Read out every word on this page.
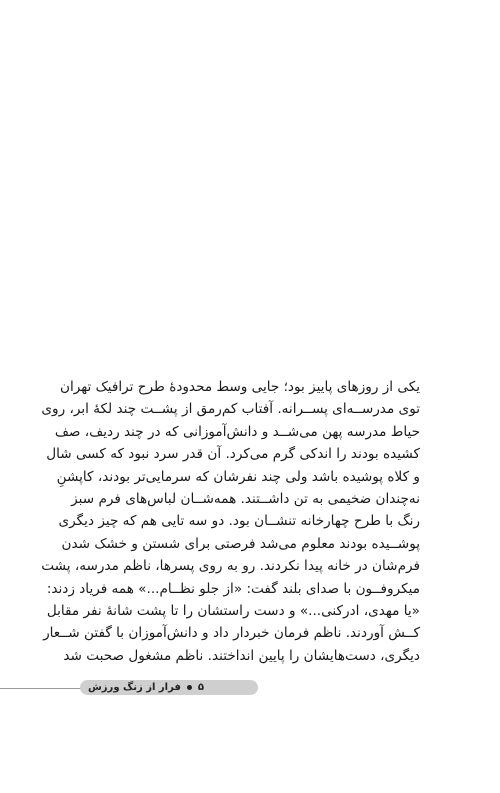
یکی از روزهای پاییز بود؛ جایی وسط محدودهٔ طرح ترافیک تهران
توی مدرســه‌ای پســرانه. آفتاب کم‌رمق از پشــت چند لکهٔ ابر، روی
حیاط مدرسه پهن می‌شــد و دانش‌آموزانی که در چند ردیف، صف
کشیده بودند را اندکی گرم می‌کرد. آن قدر سرد نبود که کسی شال
و کلاه پوشیده باشد ولی چند نفرشان که سرمایی‌تر بودند، کاپشنِ
نه‌چندان ضخیمی به تن داشــتند. همه‌شــان لباس‌های فرم سبز
رنگ با طرح چهارخانه تنشــان بود. دو سه تایی هم که چیز دیگری
پوشــیده بودند معلوم می‌شد فرصتی برای شستن و خشک شدن
فرم‌شان در خانه پیدا نکردند. رو به روی پسرها، ناظم مدرسه، پشت
میکروفــون با صدای بلند گفت: «از جلو نظــام...» همه فریاد زدند:
«یا مهدی، ادرکنی...» و دست راستشان را تا پشت شانهٔ نفر مقابل
کــش آوردند. ناظم فرمان خبردار داد و دانش‌آموزان با گفتن شــعار
دیگری، دست‌هایشان را پایین انداختند. ناظم مشغول صحبت شد
۵
فرار از زنگ ورزش
